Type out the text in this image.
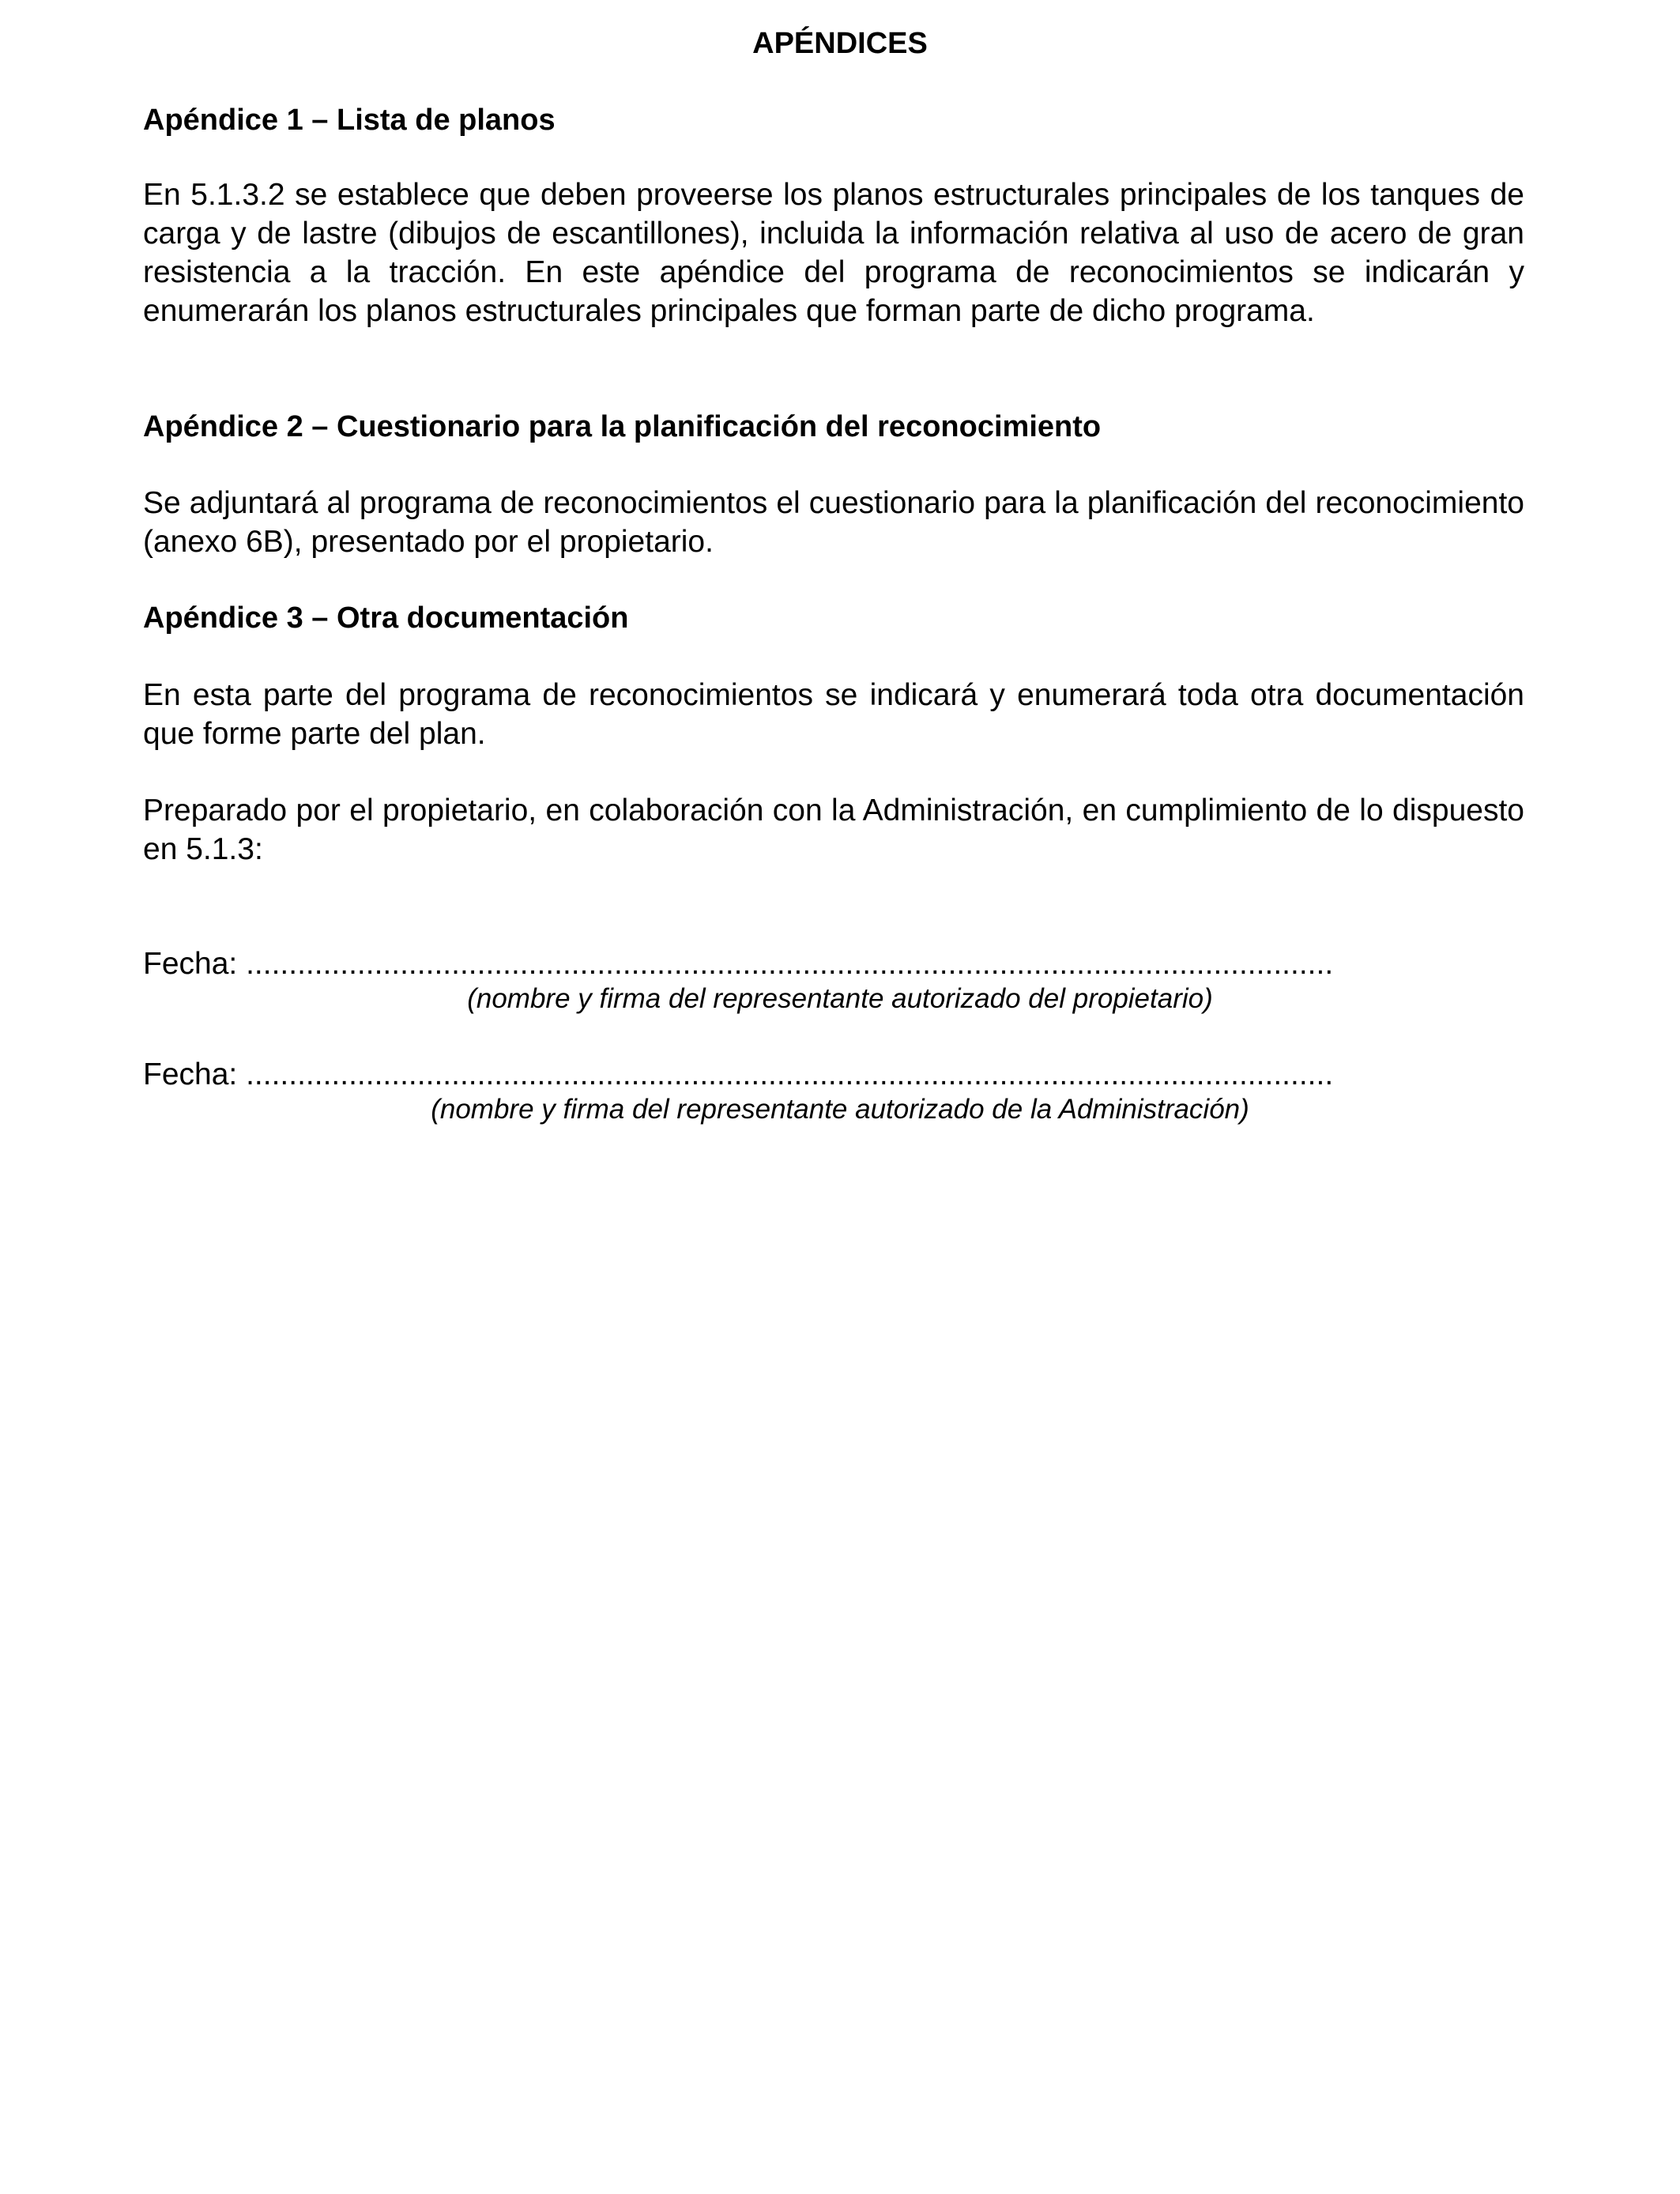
APÉNDICES
Apéndice 1 – Lista de planos

En 5.1.3.2 se establece que deben proveerse los planos estructurales principales de los tanques de carga y de lastre (dibujos de escantillones), incluida la información relativa al uso de acero de gran resistencia a la tracción. En este apéndice del programa de reconocimientos se indicarán y enumerarán los planos estructurales principales que forman parte de dicho programa.

Apéndice 2 – Cuestionario para la planificación del reconocimiento

Se adjuntará al programa de reconocimientos el cuestionario para la planificación del reconocimiento (anexo 6B), presentado por el propietario.

Apéndice 3 – Otra documentación

En esta parte del programa de reconocimientos se indicará y enumerará toda otra documentación que forme parte del plan.

Preparado por el propietario, en colaboración con la Administración, en cumplimiento de lo dispuesto en 5.1.3:

Fecha: ...............................................................................................................................

(nombre y firma del representante autorizado del propietario)

Fecha: ...............................................................................................................................

(nombre y firma del representante autorizado de la Administración)
